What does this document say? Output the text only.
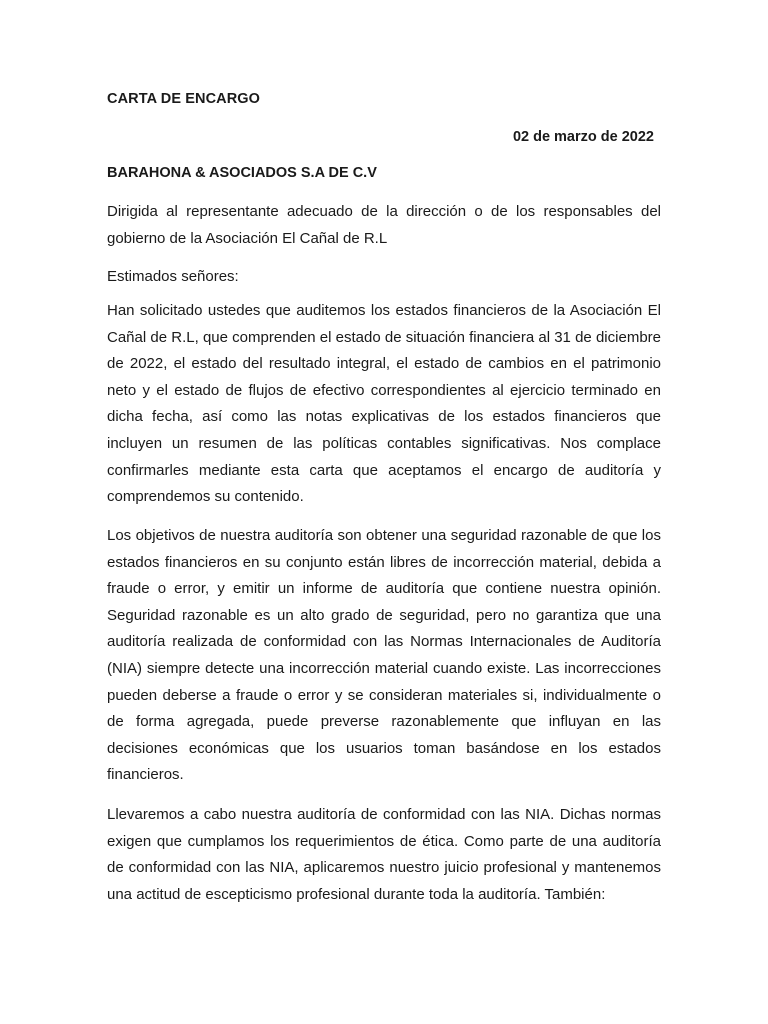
CARTA DE ENCARGO
02 de marzo de 2022
BARAHONA & ASOCIADOS S.A DE C.V

Dirigida al representante adecuado de la dirección o de los responsables del gobierno de la Asociación El Cañal de R.L

Estimados señores:

Han solicitado ustedes que auditemos los estados financieros de la Asociación El Cañal de R.L, que comprenden el estado de situación financiera al 31 de diciembre de 2022, el estado del resultado integral, el estado de cambios en el patrimonio neto y el estado de flujos de efectivo correspondientes al ejercicio terminado en dicha fecha, así como las notas explicativas de los estados financieros que incluyen un resumen de las políticas contables significativas. Nos complace confirmarles mediante esta carta que aceptamos el encargo de auditoría y comprendemos su contenido.

Los objetivos de nuestra auditoría son obtener una seguridad razonable de que los estados financieros en su conjunto están libres de incorrección material, debida a fraude o error, y emitir un informe de auditoría que contiene nuestra opinión. Seguridad razonable es un alto grado de seguridad, pero no garantiza que una auditoría realizada de conformidad con las Normas Internacionales de Auditoría (NIA) siempre detecte una incorrección material cuando existe. Las incorrecciones pueden deberse a fraude o error y se consideran materiales si, individualmente o de forma agregada, puede preverse razonablemente que influyan en las decisiones económicas que los usuarios toman basándose en los estados financieros.

Llevaremos a cabo nuestra auditoría de conformidad con las NIA. Dichas normas exigen que cumplamos los requerimientos de ética. Como parte de una auditoría de conformidad con las NIA, aplicaremos nuestro juicio profesional y mantenemos una actitud de escepticismo profesional durante toda la auditoría. También:
